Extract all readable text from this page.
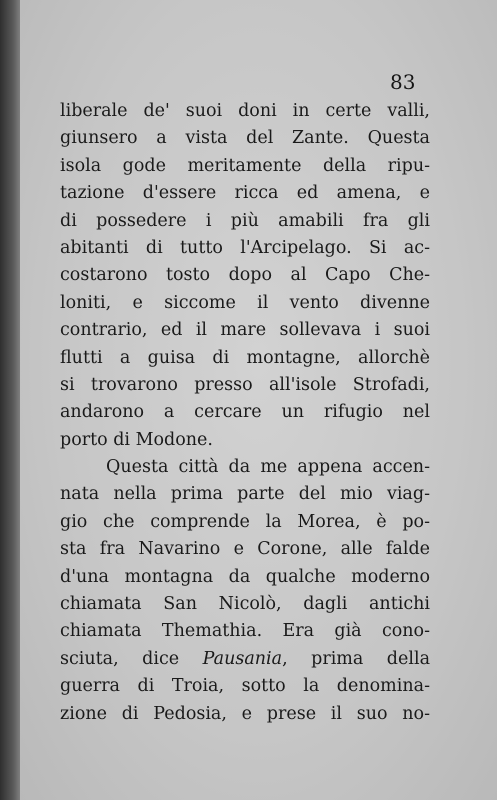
83
liberale de' suoi doni in certe valli,
giunsero a vista del Zante. Questa
isola gode meritamente della ripu-
tazione d'essere ricca ed amena, e
di possedere i più amabili fra gli
abitanti di tutto l'Arcipelago. Si ac-
costarono tosto dopo al Capo Che-
loniti, e siccome il vento divenne
contrario, ed il mare sollevava i suoi
flutti a guisa di montagne, allorchè
si trovarono presso all'isole Strofadi,
andarono a cercare un rifugio nel
porto di Modone.
Questa città da me appena accen-
nata nella prima parte del mio viag-
gio che comprende la Morea, è po-
sta fra Navarino e Corone, alle falde
d'una montagna da qualche moderno
chiamata San Nicolò, dagli antichi
chiamata Themathia. Era già cono-
sciuta, dice Pausania, prima della
guerra di Troia, sotto la denomina-
zione di Pedosia, e prese il suo no-
